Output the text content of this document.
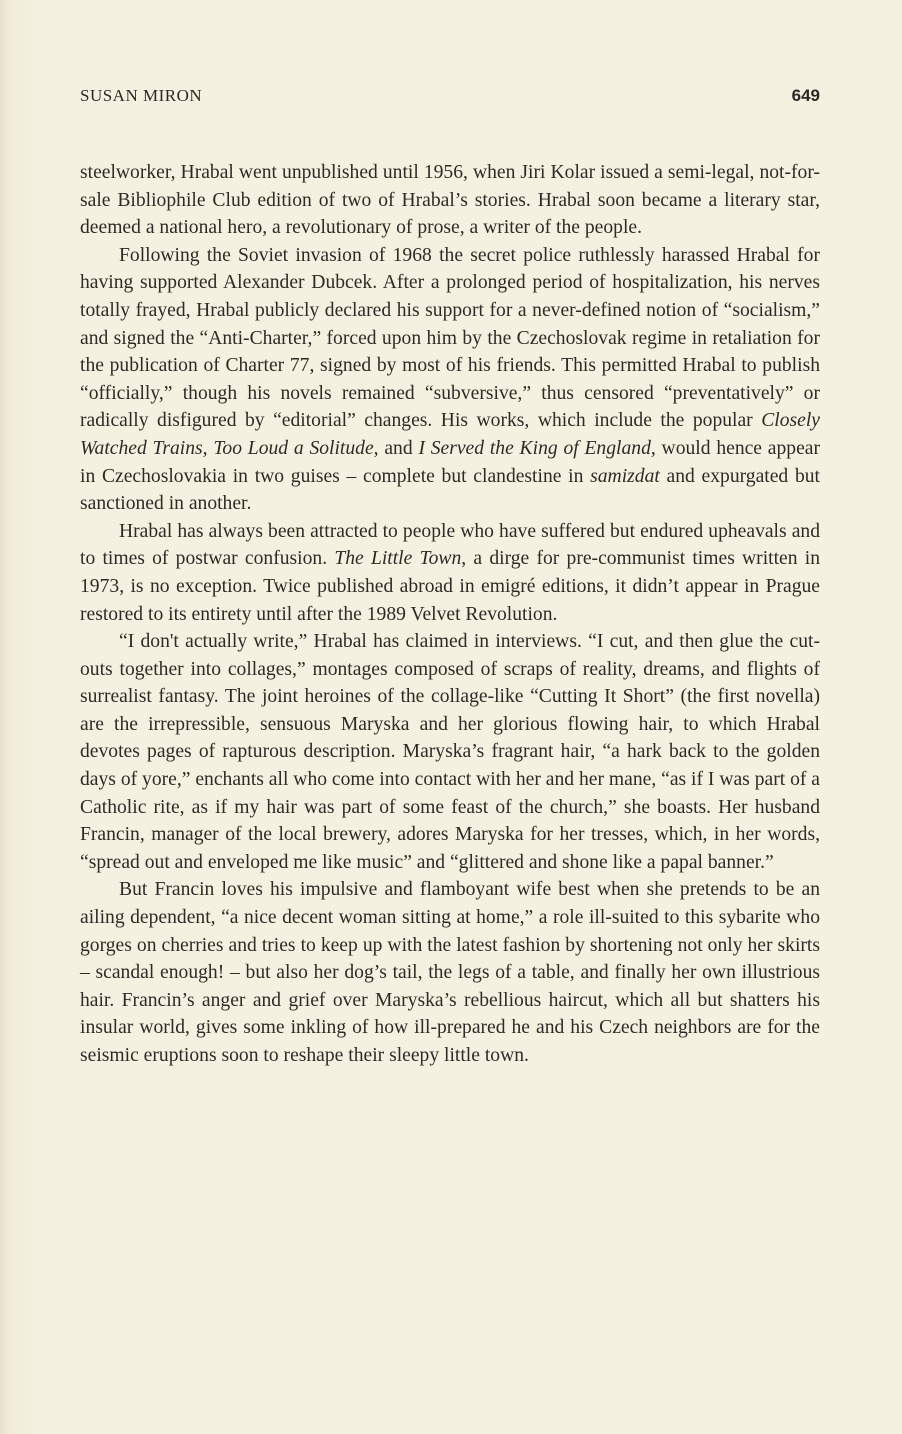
SUSAN MIRON	649

steelworker, Hrabal went unpublished until 1956, when Jiri Kolar issued a semi-legal, not-for-sale Bibliophile Club edition of two of Hrabal’s stories. Hrabal soon became a literary star, deemed a national hero, a revolutionary of prose, a writer of the people.

Following the Soviet invasion of 1968 the secret police ruthlessly harassed Hrabal for having supported Alexander Dubcek. After a prolonged period of hospitalization, his nerves totally frayed, Hrabal publicly declared his support for a never-defined notion of “socialism,” and signed the “Anti-Charter,” forced upon him by the Czechoslovak regime in retaliation for the publication of Charter 77, signed by most of his friends. This permitted Hrabal to publish “officially,” though his novels remained “subversive,” thus censored “preventatively” or radically disfigured by “editorial” changes. His works, which include the popular Closely Watched Trains, Too Loud a Solitude, and I Served the King of England, would hence appear in Czechoslovakia in two guises – complete but clandestine in samizdat and expurgated but sanctioned in another.

Hrabal has always been attracted to people who have suffered but endured upheavals and to times of postwar confusion. The Little Town, a dirge for pre-communist times written in 1973, is no exception. Twice published abroad in emigré editions, it didn’t appear in Prague restored to its entirety until after the 1989 Velvet Revolution.

“I don't actually write,” Hrabal has claimed in interviews. “I cut, and then glue the cut-outs together into collages,” montages composed of scraps of reality, dreams, and flights of surrealist fantasy. The joint heroines of the collage-like “Cutting It Short” (the first novella) are the irrepressible, sensuous Maryska and her glorious flowing hair, to which Hrabal devotes pages of rapturous description. Maryska’s fragrant hair, “a hark back to the golden days of yore,” enchants all who come into contact with her and her mane, “as if I was part of a Catholic rite, as if my hair was part of some feast of the church,” she boasts. Her husband Francin, manager of the local brewery, adores Maryska for her tresses, which, in her words, “spread out and enveloped me like music” and “glittered and shone like a papal banner.”

But Francin loves his impulsive and flamboyant wife best when she pretends to be an ailing dependent, “a nice decent woman sitting at home,” a role ill-suited to this sybarite who gorges on cherries and tries to keep up with the latest fashion by shortening not only her skirts – scandal enough! – but also her dog’s tail, the legs of a table, and finally her own illustrious hair. Francin’s anger and grief over Maryska’s rebellious haircut, which all but shatters his insular world, gives some inkling of how ill-prepared he and his Czech neighbors are for the seismic eruptions soon to reshape their sleepy little town.
